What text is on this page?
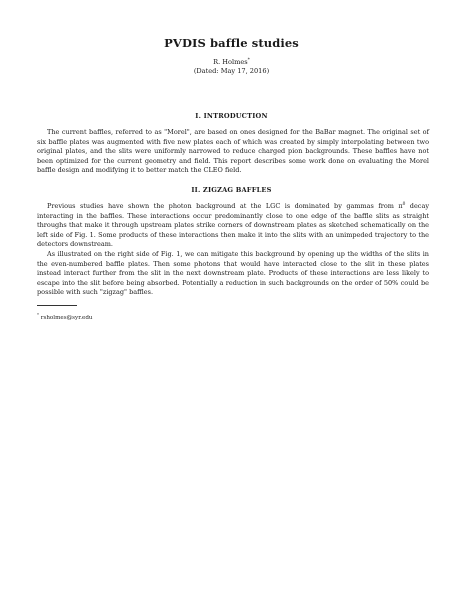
PVDIS baffle studies
R. Holmes*
(Dated: May 17, 2016)
I. INTRODUCTION

The current baffles, referred to as "Morel", are based on ones designed for the BaBar magnet. The original set of six baffle plates was augmented with five new plates each of which was created by simply interpolating between two original plates, and the slits were uniformly narrowed to reduce charged pion backgrounds. These baffles have not been optimized for the current geometry and field. This report describes some work done on evaluating the Morel baffle design and modifying it to better match the CLEO field.

II. ZIGZAG BAFFLES

Previous studies have shown the photon background at the LGC is dominated by gammas from $\pi^0$ decay interacting in the baffles. These interactions occur predominantly close to one edge of the baffle slits as straight throughs that make it through upstream plates strike corners of downstream plates as sketched schematically on the left side of Fig. 1. Some products of these interactions then make it into the slits with an unimpeded trajectory to the detectors downstream.

As illustrated on the right side of Fig. 1, we can mitigate this background by opening up the widths of the slits in the even-numbered baffle plates. Then some photons that would have interacted close to the slit in these plates instead interact further from the slit in the next downstream plate. Products of these interactions are less likely to escape into the slit before being absorbed. Potentially a reduction in such backgrounds on the order of 50% could be possible with such "zigzag" baffles.

* rsholmes@syr.edu
